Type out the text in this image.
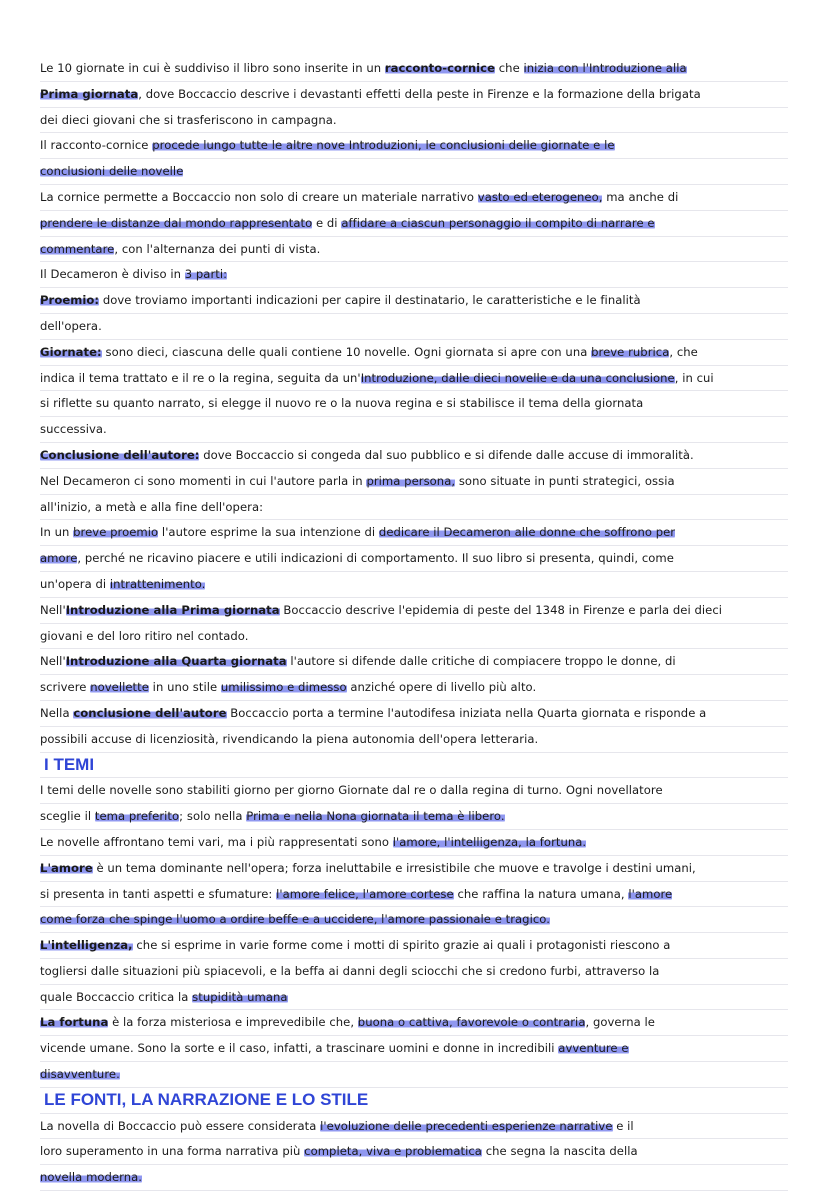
Le 10 giornate in cui è suddiviso il libro sono inserite in un racconto-cornice che inizia con l'Introduzione alla
Prima giornata, dove Boccaccio descrive i devastanti effetti della peste in Firenze e la formazione della brigata
dei dieci giovani che si trasferiscono in campagna.
Il racconto-cornice procede lungo tutte le altre nove Introduzioni, le conclusioni delle giornate e le
conclusioni delle novelle
La cornice permette a Boccaccio non solo di creare un materiale narrativo vasto ed eterogeneo, ma anche di
prendere le distanze dal mondo rappresentato e di affidare a ciascun personaggio il compito di narrare e
commentare, con l'alternanza dei punti di vista.
Il Decameron è diviso in 3 parti:
Proemio: dove troviamo importanti indicazioni per capire il destinatario, le caratteristiche e le finalità
dell'opera.
Giornate: sono dieci, ciascuna delle quali contiene 10 novelle. Ogni giornata si apre con una breve rubrica, che
indica il tema trattato e il re o la regina, seguita da un'Introduzione, dalle dieci novelle e da una conclusione, in cui
si riflette su quanto narrato, si elegge il nuovo re o la nuova regina e si stabilisce il tema della giornata
successiva.
Conclusione dell'autore: dove Boccaccio si congeda dal suo pubblico e si difende dalle accuse di immoralità.
Nel Decameron ci sono momenti in cui l'autore parla in prima persona, sono situate in punti strategici, ossia
all'inizio, a metà e alla fine dell'opera:
In un breve proemio l'autore esprime la sua intenzione di dedicare il Decameron alle donne che soffrono per
amore, perché ne ricavino piacere e utili indicazioni di comportamento. Il suo libro si presenta, quindi, come
un'opera di intrattenimento.
Nell'Introduzione alla Prima giornata Boccaccio descrive l'epidemia di peste del 1348 in Firenze e parla dei dieci
giovani e del loro ritiro nel contado.
Nell'Introduzione alla Quarta giornata l'autore si difende dalle critiche di compiacere troppo le donne, di
scrivere novellette in uno stile umilissimo e dimesso anziché opere di livello più alto.
Nella conclusione dell'autore Boccaccio porta a termine l'autodifesa iniziata nella Quarta giornata e risponde a
possibili accuse di licenziosità, rivendicando la piena autonomia dell'opera letteraria.
I TEMI
I temi delle novelle sono stabiliti giorno per giorno Giornate dal re o dalla regina di turno. Ogni novellatore
sceglie il tema preferito; solo nella Prima e nella Nona giornata il tema è libero.
Le novelle affrontano temi vari, ma i più rappresentati sono l'amore, l'intelligenza, la fortuna.
L'amore è un tema dominante nell'opera; forza ineluttabile e irresistibile che muove e travolge i destini umani,
si presenta in tanti aspetti e sfumature: l'amore felice, l'amore cortese che raffina la natura umana, l'amore
come forza che spinge l'uomo a ordire beffe e a uccidere, l'amore passionale e tragico.
L'intelligenza, che si esprime in varie forme come i motti di spirito grazie ai quali i protagonisti riescono a
togliersi dalle situazioni più spiacevoli, e la beffa ai danni degli sciocchi che si credono furbi, attraverso la
quale Boccaccio critica la stupidità umana
La fortuna è la forza misteriosa e imprevedibile che, buona o cattiva, favorevole o contraria, governa le
vicende umane. Sono la sorte e il caso, infatti, a trascinare uomini e donne in incredibili avventure e
disavventure.
LE FONTI, LA NARRAZIONE E LO STILE
La novella di Boccaccio può essere considerata l'evoluzione delle precedenti esperienze narrative e il
loro superamento in una forma narrativa più completa, viva e problematica che segna la nascita della
novella moderna.
